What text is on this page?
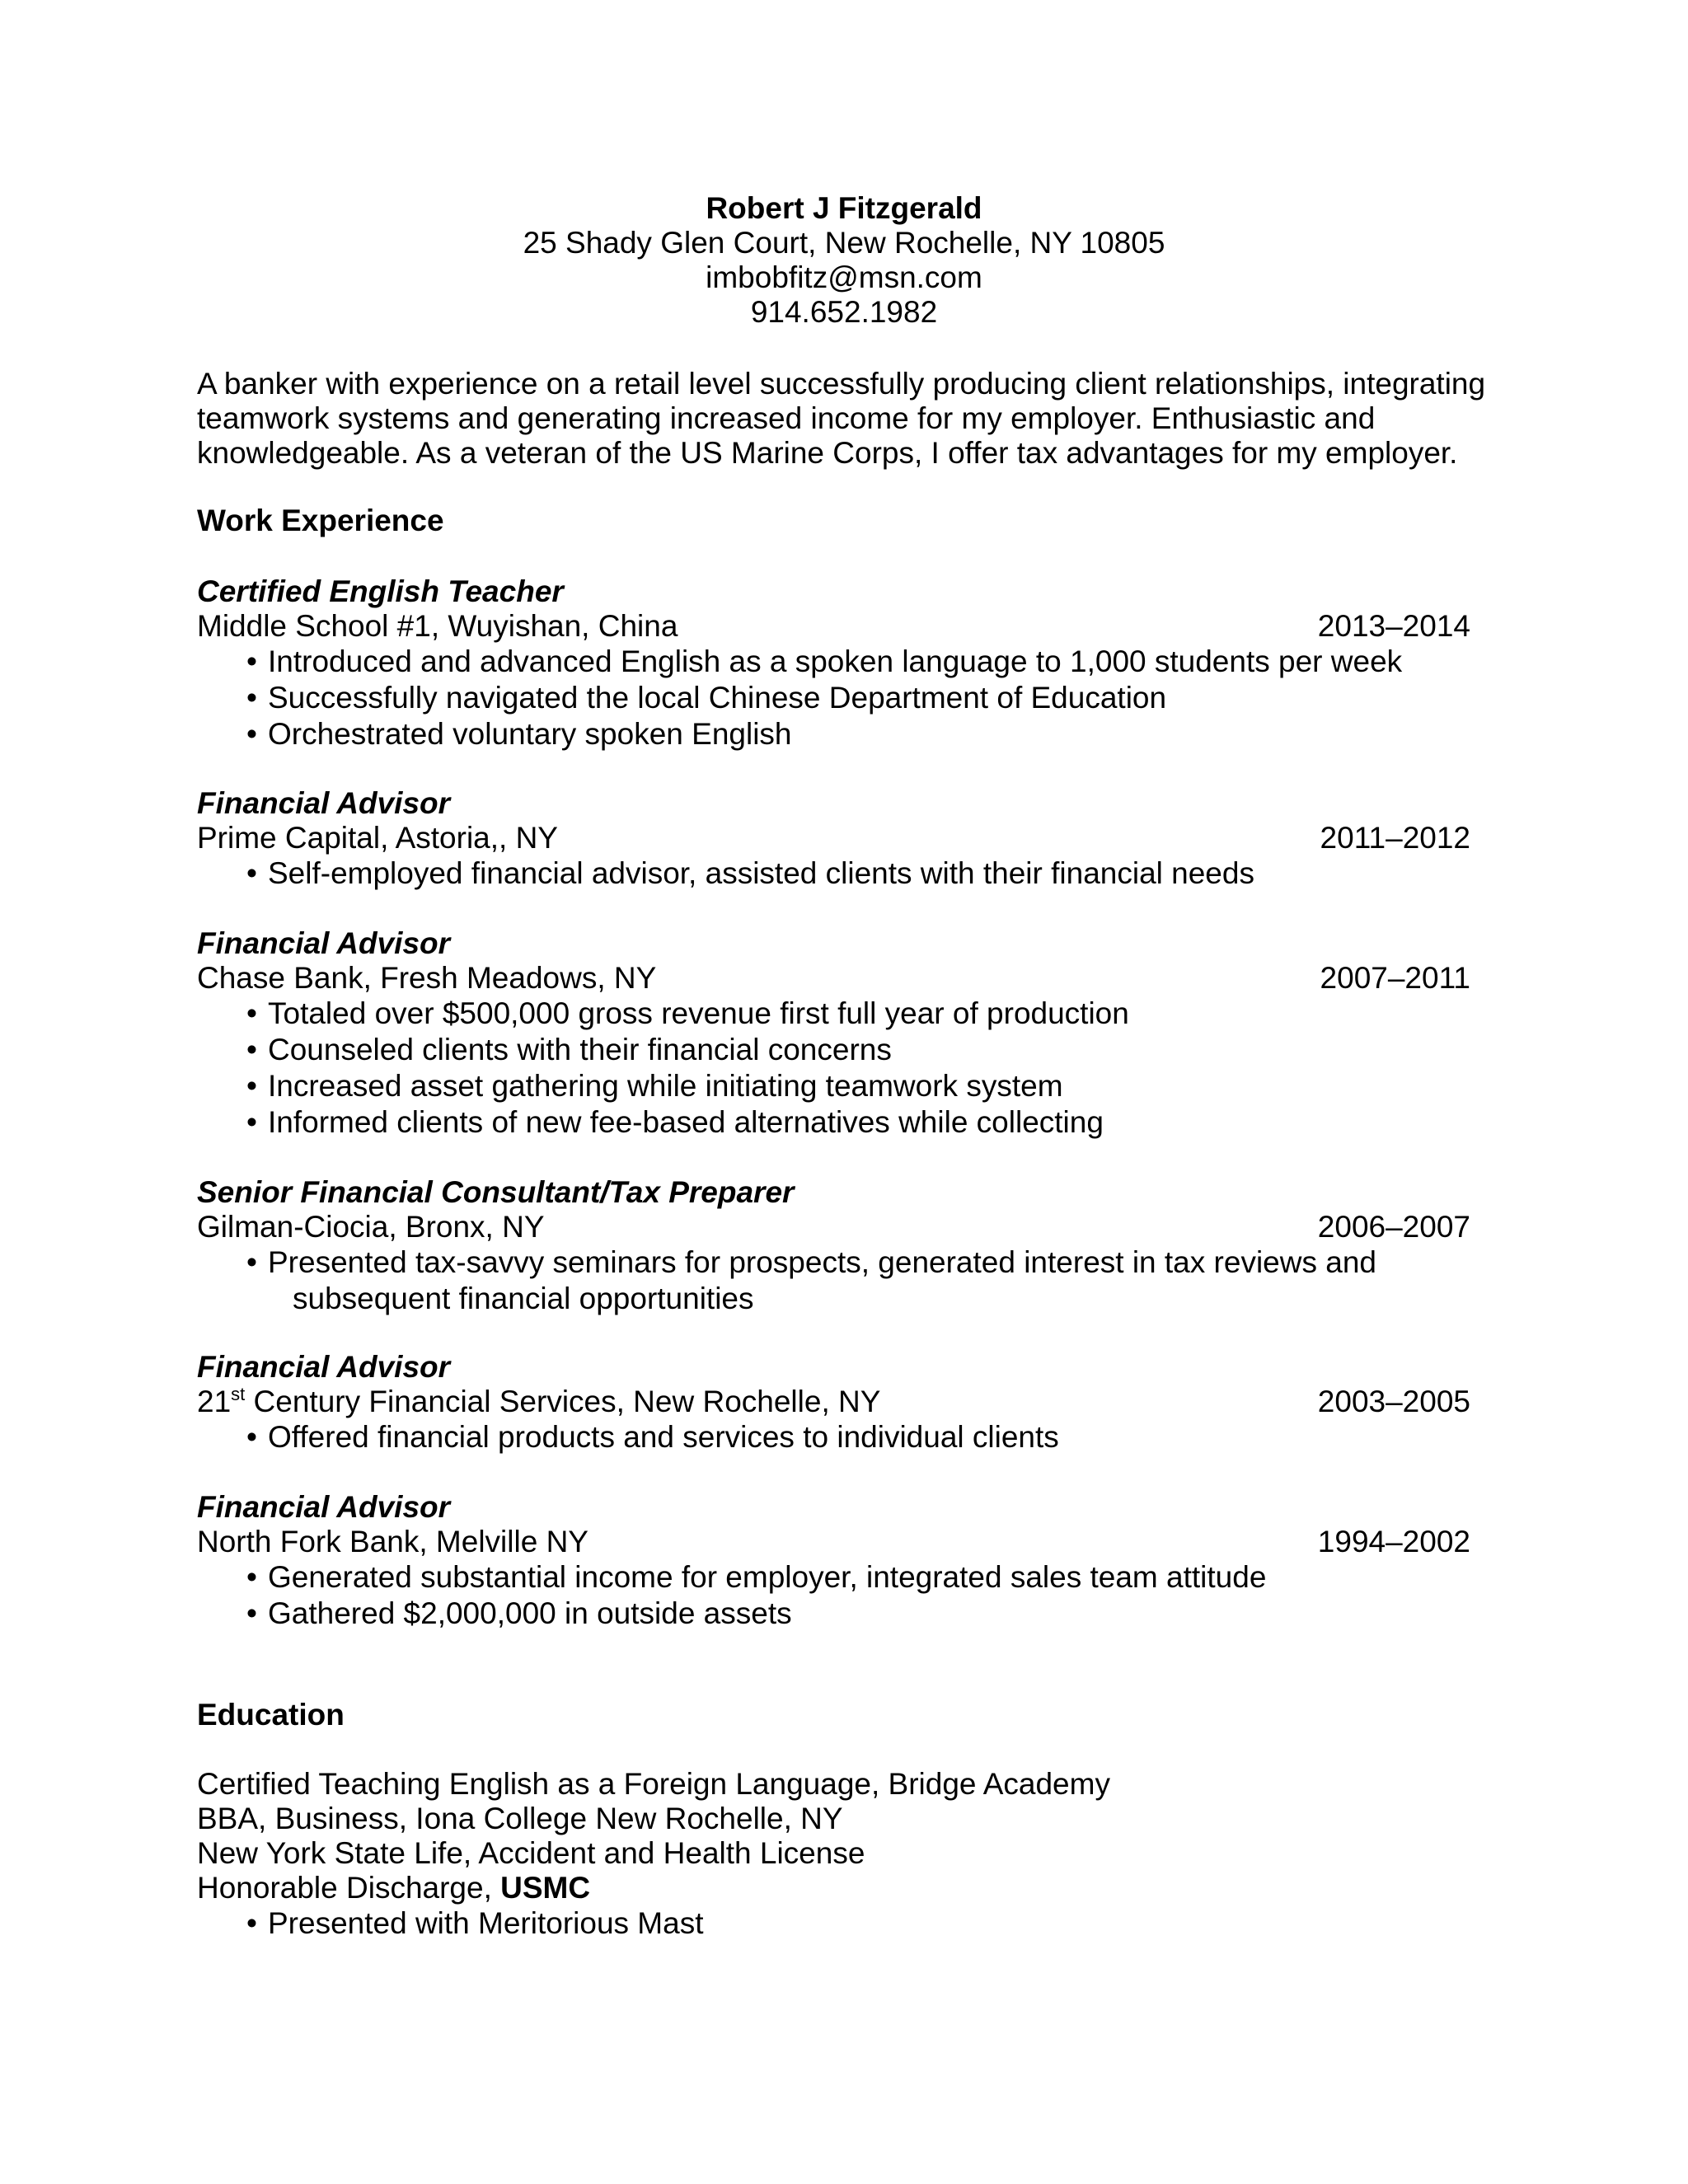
Robert J Fitzgerald
25 Shady Glen Court, New Rochelle, NY 10805
imbobfitz@msn.com
914.652.1982
A banker with experience on a retail level successfully producing client relationships, integrating
teamwork systems and generating increased income for my employer. Enthusiastic and
knowledgeable. As a veteran of the US Marine Corps, I offer tax advantages for my employer.
Work Experience
Certified English Teacher
Middle School #1, Wuyishan, China	2013–2014
• Introduced and advanced English as a spoken language to 1,000 students per week
• Successfully navigated the local Chinese Department of Education
• Orchestrated voluntary spoken English
Financial Advisor
Prime Capital, Astoria,, NY	2011–2012
• Self-employed financial advisor, assisted clients with their financial needs
Financial Advisor
Chase Bank, Fresh Meadows, NY	2007–2011
• Totaled over $500,000 gross revenue first full year of production
• Counseled clients with their financial concerns
• Increased asset gathering while initiating teamwork system
• Informed clients of new fee-based alternatives while collecting
Senior Financial Consultant/Tax Preparer
Gilman-Ciocia, Bronx, NY	2006–2007
• Presented tax-savvy seminars for prospects, generated interest in tax reviews and
subsequent financial opportunities
Financial Advisor
21st Century Financial Services, New Rochelle, NY	2003–2005
• Offered financial products and services to individual clients
Financial Advisor
North Fork Bank, Melville NY	1994–2002
• Generated substantial income for employer, integrated sales team attitude
• Gathered $2,000,000 in outside assets
Education
Certified Teaching English as a Foreign Language, Bridge Academy
BBA, Business, Iona College New Rochelle, NY
New York State Life, Accident and Health License
Honorable Discharge, USMC
• Presented with Meritorious Mast
